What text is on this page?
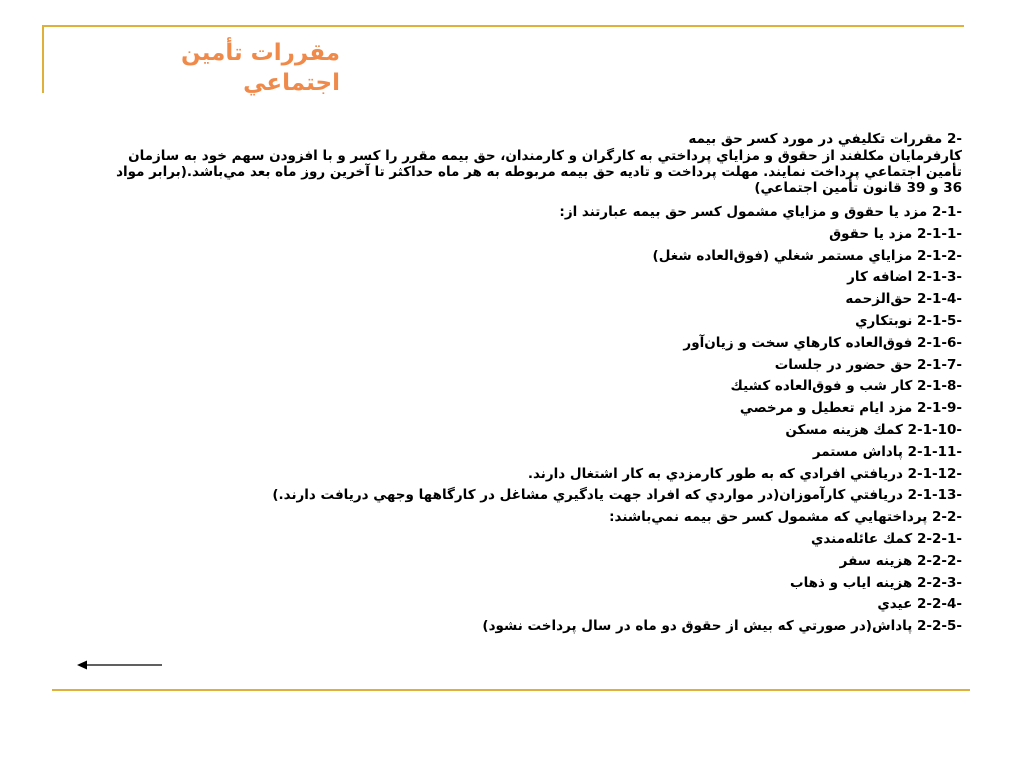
مقررات تأمين اجتماعي

2- مقررات تكليفي در مورد كسر حق بيمه

كارفرمايان مكلفند از حقوق و مزاياي پرداختي به كارگران و كارمندان، حق بيمه مقرر را كسر و با افزودن سهم خود به سازمان تأمين اجتماعي پرداخت نمايند. مهلت پرداخت و تاديه حق بيمه مربوطه به هر ماه حداكثر تا آخرين روز ماه بعد مي‌باشد.(برابر مواد 36 و 39 قانون تأمين اجتماعي)

2-1- مزد يا حقوق و مزاياي مشمول كسر حق بيمه عبارتند از:
2-1-1- مزد يا حقوق
2-1-2- مزاياي مستمر شغلي (فوق‌العاده شغل)
2-1-3- اضافه كار
2-1-4- حق‌الزحمه
2-1-5- نوبتكاري
2-1-6- فوق‌العاده كارهاي سخت و زيان‌آور
2-1-7- حق حضور در جلسات
2-1-8- كار شب و فوق‌العاده كشيك
2-1-9- مزد ايام تعطيل و مرخصي
2-1-10- كمك هزينه مسكن
2-1-11- پاداش مستمر
2-1-12- دريافتي افرادي كه به طور كارمزدي به كار اشتغال دارند.
2-1-13- دريافتي كارآموزان(در مواردي كه افراد جهت يادگيري مشاغل در كارگاهها وجهي دريافت دارند.)
2-2- پرداختهايي كه مشمول كسر حق بيمه نمي‌باشند:
2-2-1- كمك عائله‌مندي
2-2-2- هزينه سفر
2-2-3- هزينه اياب و ذهاب
2-2-4- عيدي
2-2-5- پاداش(در صورتي كه بيش از حقوق دو ماه در سال پرداخت نشود)
